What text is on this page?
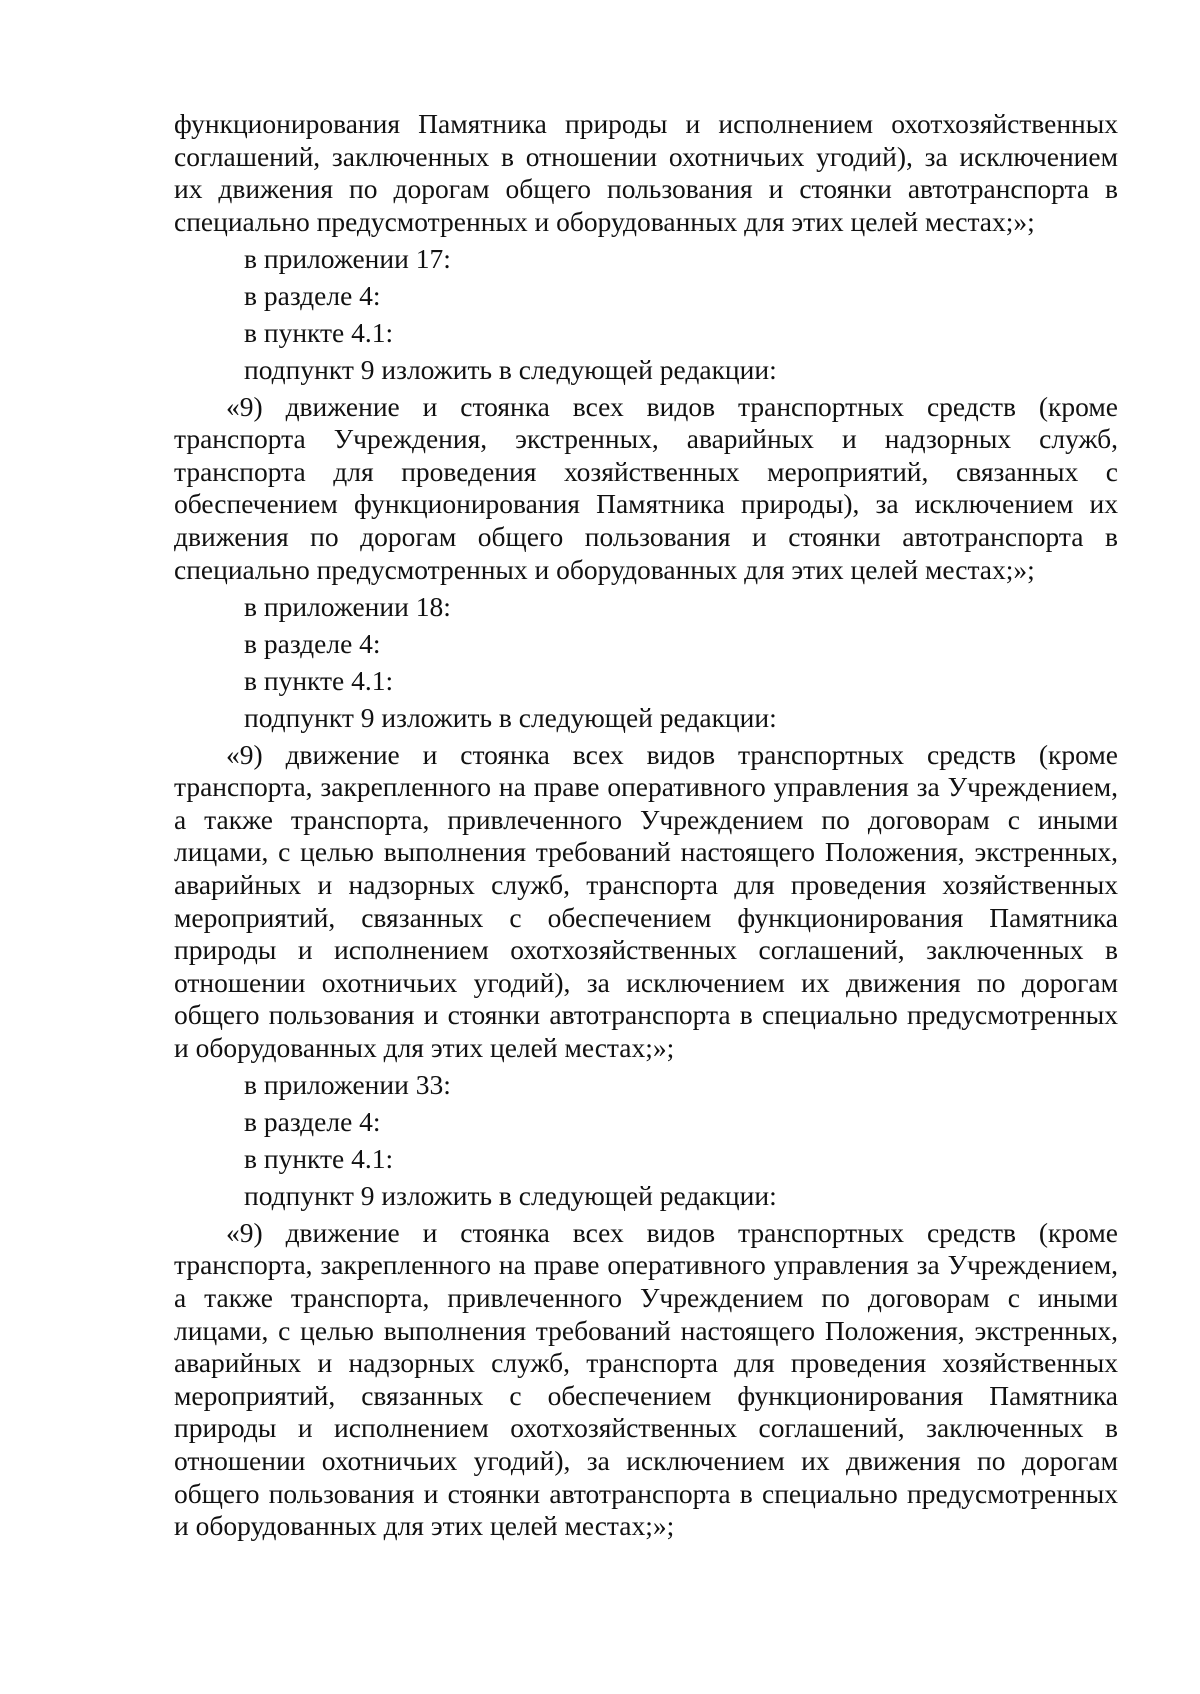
функционирования Памятника природы и исполнением охотхозяйственных соглашений, заключенных в отношении охотничьих угодий), за исключением их движения по дорогам общего пользования и стоянки автотранспорта в специально предусмотренных и оборудованных для этих целей местах;»;

в приложении 17:

в разделе 4:

в пункте 4.1:

подпункт 9 изложить в следующей редакции:

«9) движение и стоянка всех видов транспортных средств (кроме транспорта Учреждения, экстренных, аварийных и надзорных служб, транспорта для проведения хозяйственных мероприятий, связанных с обеспечением функционирования Памятника природы), за исключением их движения по дорогам общего пользования и стоянки автотранспорта в специально предусмотренных и оборудованных для этих целей местах;»;

в приложении 18:

в разделе 4:

в пункте 4.1:

подпункт 9 изложить в следующей редакции:

«9) движение и стоянка всех видов транспортных средств (кроме транспорта, закрепленного на праве оперативного управления за Учреждением, а также транспорта, привлеченного Учреждением по договорам с иными лицами, с целью выполнения требований настоящего Положения, экстренных, аварийных и надзорных служб, транспорта для проведения хозяйственных мероприятий, связанных с обеспечением функционирования Памятника природы и исполнением охотхозяйственных соглашений, заключенных в отношении охотничьих угодий), за исключением их движения по дорогам общего пользования и стоянки автотранспорта в специально предусмотренных и оборудованных для этих целей местах;»;

в приложении 33:

в разделе 4:

в пункте 4.1:

подпункт 9 изложить в следующей редакции:

«9) движение и стоянка всех видов транспортных средств (кроме транспорта, закрепленного на праве оперативного управления за Учреждением, а также транспорта, привлеченного Учреждением по договорам с иными лицами, с целью выполнения требований настоящего Положения, экстренных, аварийных и надзорных служб, транспорта для проведения хозяйственных мероприятий, связанных с обеспечением функционирования Памятника природы и исполнением охотхозяйственных соглашений, заключенных в отношении охотничьих угодий), за исключением их движения по дорогам общего пользования и стоянки автотранспорта в специально предусмотренных и оборудованных для этих целей местах;»;
